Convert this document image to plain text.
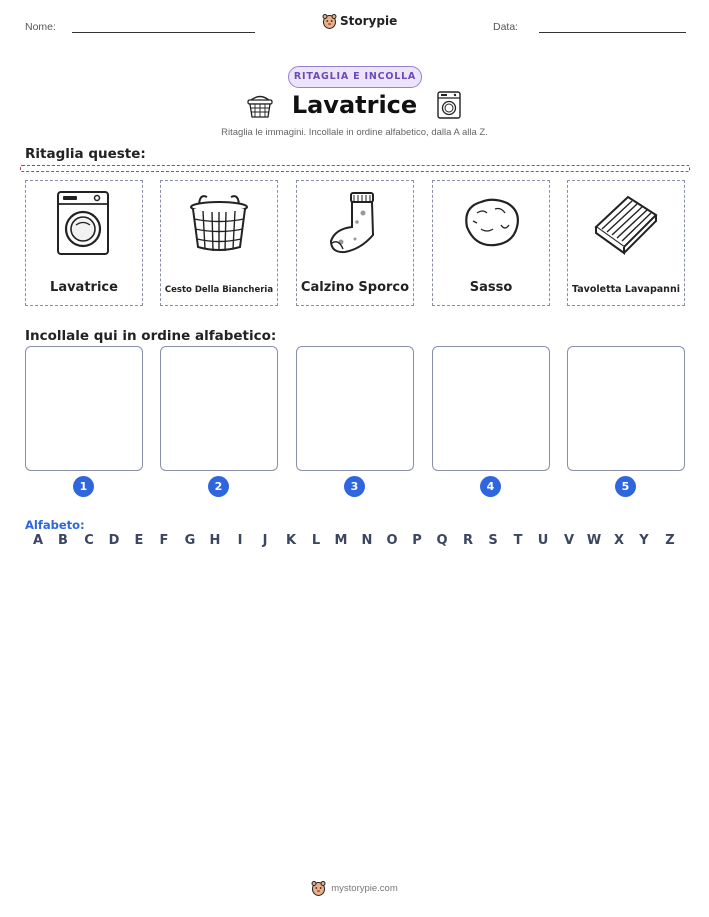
Nome:	Storypie	Data:
RITAGLIA E INCOLLA
Lavatrice

Ritaglia le immagini. Incollale in ordine alfabetico, dalla A alla Z.

Ritaglia queste:
Lavatrice	Cesto Della Biancheria	Calzino Sporco	Sasso	Tavoletta Lavapanni
Incollale qui in ordine alfabetico:
1	2	3	4	5
Alfabeto:
A	B	C	D	E	F	G	H	I	J	K	L	M	N	O	P	Q	R	S	T	U	V W X	Y	Z
mystorypie.com
